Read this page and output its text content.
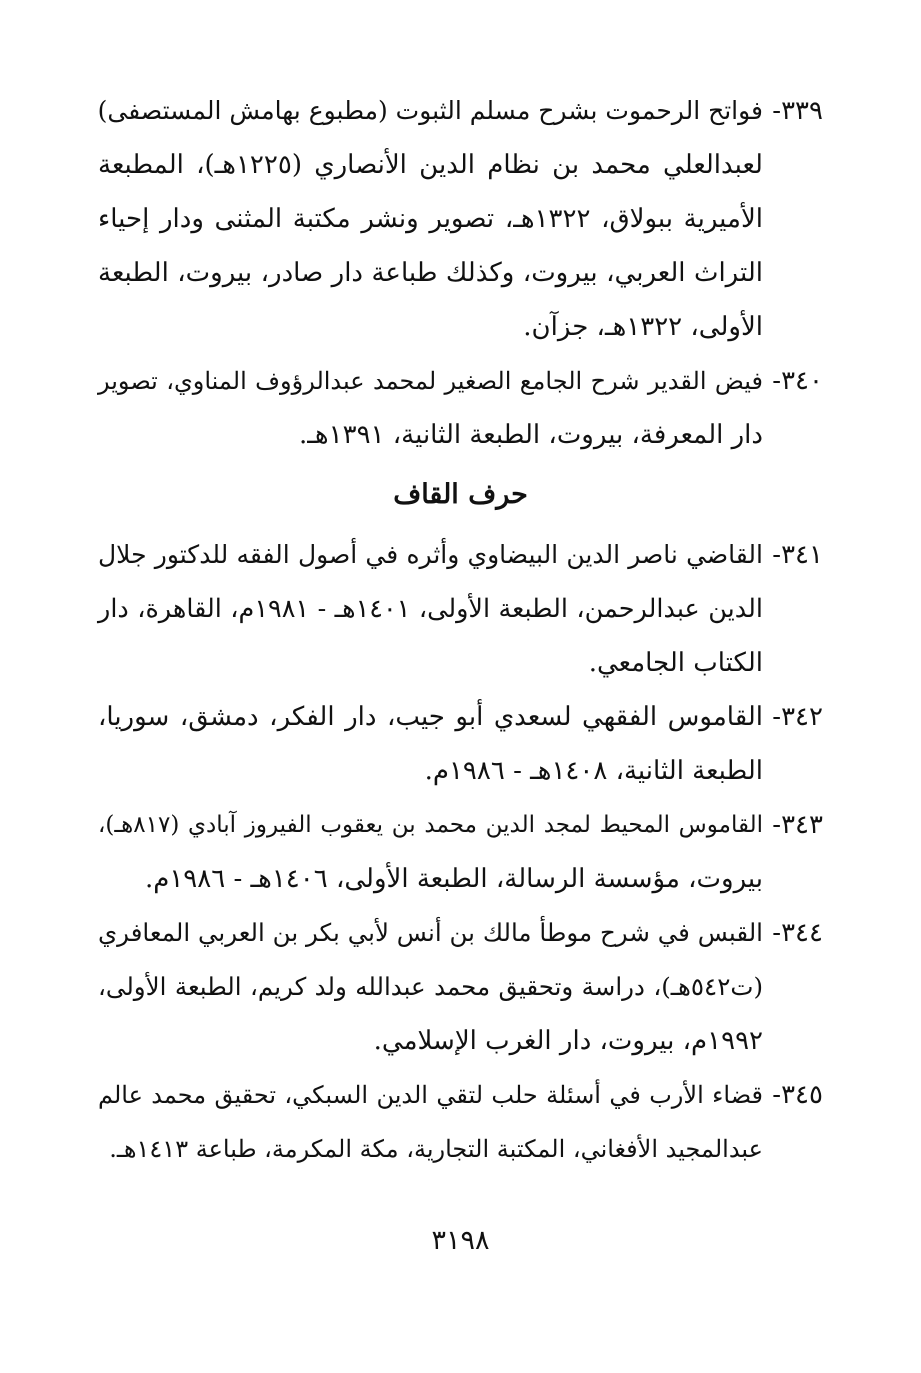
٣٣٩-
فواتح الرحموت بشرح مسلم الثبوت (مطبوع بهامش المستصفى)
لعبدالعلي محمد بن نظام الدين الأنصاري (١٢٢٥هـ)، المطبعة
الأميرية ببولاق، ١٣٢٢هـ، تصوير ونشر مكتبة المثنى ودار إحياء
التراث العربي، بيروت، وكذلك طباعة دار صادر، بيروت، الطبعة
الأولى، ١٣٢٢هـ، جزآن.
٣٤٠-
فيض القدير شرح الجامع الصغير لمحمد عبدالرؤوف المناوي، تصوير
دار المعرفة، بيروت، الطبعة الثانية، ١٣٩١هـ.
حرف القاف
٣٤١-
القاضي ناصر الدين البيضاوي وأثره في أصول الفقه للدكتور جلال
الدين عبدالرحمن، الطبعة الأولى، ١٤٠١هـ - ١٩٨١م، القاهرة، دار
الكتاب الجامعي.
٣٤٢-
القاموس الفقهي لسعدي أبو جيب، دار الفكر، دمشق، سوريا،
الطبعة الثانية، ١٤٠٨هـ - ١٩٨٦م.
٣٤٣-
القاموس المحيط لمجد الدين محمد بن يعقوب الفيروز آبادي (٨١٧هـ)،
بيروت، مؤسسة الرسالة، الطبعة الأولى، ١٤٠٦هـ - ١٩٨٦م.
٣٤٤-
القبس في شرح موطأ مالك بن أنس لأبي بكر بن العربي المعافري
(ت٥٤٢هـ)، دراسة وتحقيق محمد عبدالله ولد كريم، الطبعة الأولى،
١٩٩٢م، بيروت، دار الغرب الإسلامي.
٣٤٥-
قضاء الأرب في أسئلة حلب لتقي الدين السبكي، تحقيق محمد عالم
عبدالمجيد الأفغاني، المكتبة التجارية، مكة المكرمة، طباعة ١٤١٣هـ.
٣١٩٨
